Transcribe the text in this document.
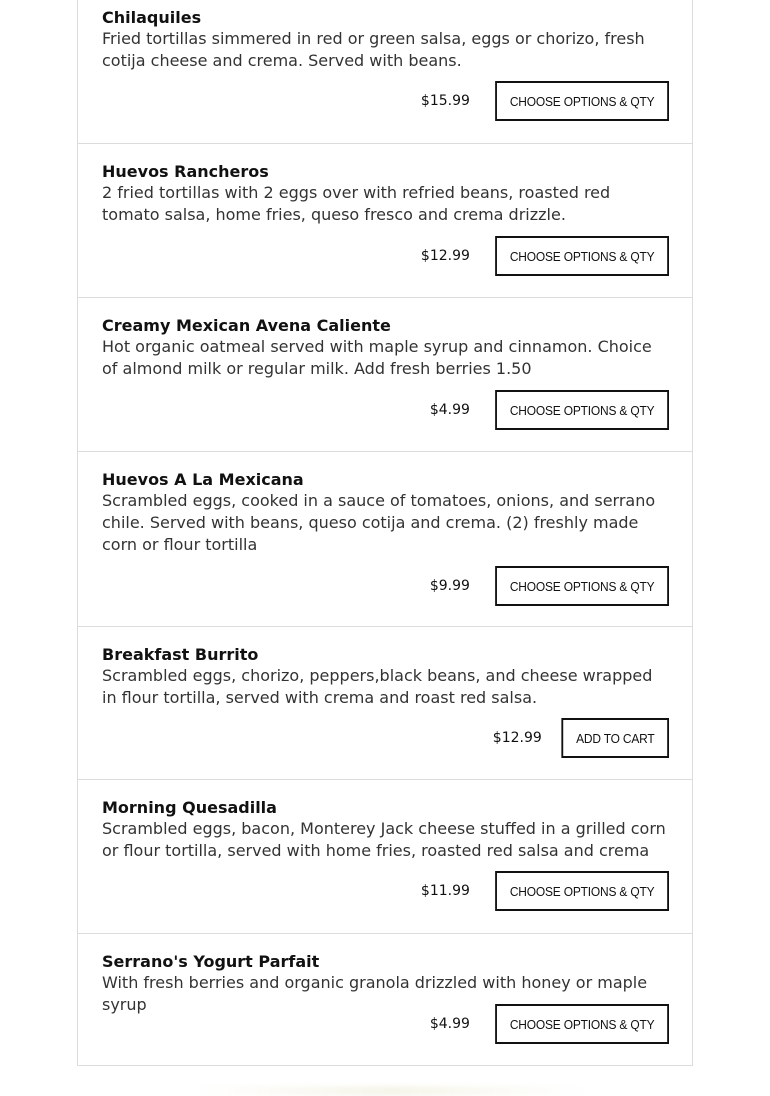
Chilaquiles
Fried tortillas simmered in red or green salsa, eggs or chorizo, fresh cotija cheese and crema. Served with beans.
$15.99	CHOOSE OPTIONS & QTY
Huevos Rancheros
2 fried tortillas with 2 eggs over with refried beans, roasted red tomato salsa, home fries, queso fresco and crema drizzle.
$12.99	CHOOSE OPTIONS & QTY
Creamy Mexican Avena Caliente
Hot organic oatmeal served with maple syrup and cinnamon. Choice of almond milk or regular milk. Add fresh berries 1.50
$4.99	CHOOSE OPTIONS & QTY
Huevos A La Mexicana
Scrambled eggs, cooked in a sauce of tomatoes, onions, and serrano chile. Served with beans, queso cotija and crema. (2) freshly made corn or flour tortilla
$9.99	CHOOSE OPTIONS & QTY
Breakfast Burrito
Scrambled eggs, chorizo, peppers,black beans, and cheese wrapped in flour tortilla, served with crema and roast red salsa.
$12.99	ADD TO CART
Morning Quesadilla
Scrambled eggs, bacon, Monterey Jack cheese stuffed in a grilled corn or flour tortilla, served with home fries, roasted red salsa and crema
$11.99	CHOOSE OPTIONS & QTY
Serrano's Yogurt Parfait
With fresh berries and organic granola drizzled with honey or maple syrup
$4.99	CHOOSE OPTIONS & QTY
